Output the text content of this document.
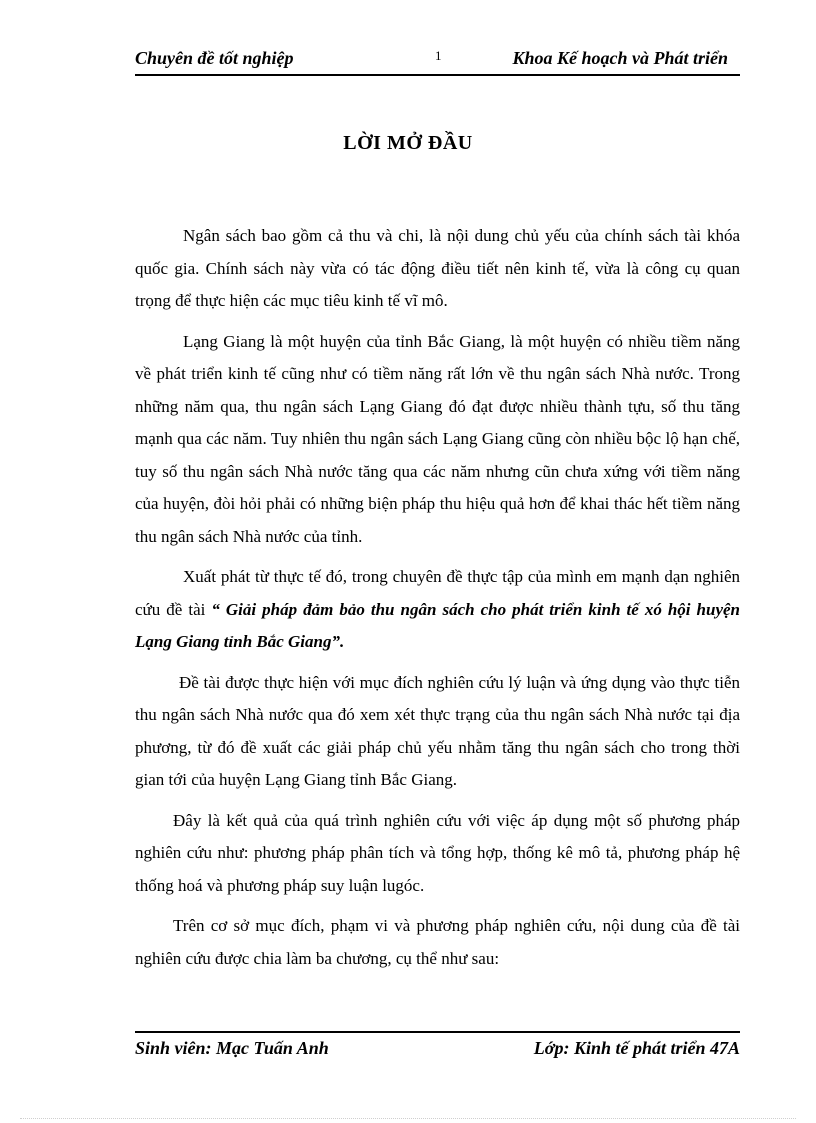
Chuyên đề tốt nghiệp	1	Khoa Kế hoạch và Phát triển
LỜI MỞ ĐẦU

Ngân sách bao gồm cả thu và chi, là nội dung chủ yếu của chính sách tài khóa quốc gia. Chính sách này vừa có tác động điều tiết nên kinh tế, vừa là công cụ quan trọng để thực hiện các mục tiêu kinh tế vĩ mô.

Lạng Giang là một huyện của tỉnh Bắc Giang, là một huyện có nhiều tiềm năng về phát triển kinh tế cũng như có tiềm năng rất lớn về thu ngân sách Nhà nước. Trong những năm qua, thu ngân sách Lạng Giang đó đạt được nhiều thành tựu, số thu tăng mạnh qua các năm. Tuy nhiên thu ngân sách Lạng Giang cũng còn nhiều bộc lộ hạn chế, tuy số thu ngân sách Nhà nước tăng qua các năm nhưng cũn chưa xứng với tiềm năng của huyện, đòi hỏi phải có những biện pháp thu hiệu quả hơn để khai thác hết tiềm năng thu ngân sách Nhà nước của tỉnh.

Xuất phát từ thực tế đó, trong chuyên đề thực tập của mình em mạnh dạn nghiên cứu đề tài “ Giải pháp đảm bảo thu ngân sách cho phát triển kinh tế xó hội huyện Lạng Giang tỉnh Bắc Giang”.

Đề tài được thực hiện với mục đích nghiên cứu lý luận và ứng dụng vào thực tiễn thu ngân sách Nhà nước qua đó xem xét thực trạng của thu ngân sách Nhà nước tại địa phương, từ đó đề xuất các giải pháp chủ yếu nhằm tăng thu ngân sách cho trong thời gian tới của huyện Lạng Giang tỉnh Bắc Giang.

Đây là kết quả của quá trình nghiên cứu với việc áp dụng một số phương pháp nghiên cứu như: phương pháp phân tích và tổng hợp, thống kê mô tả, phương pháp hệ thống hoá và phương pháp suy luận lugóc.

Trên cơ sở mục đích, phạm vi và phương pháp nghiên cứu, nội dung của đề tài nghiên cứu được chia làm ba chương, cụ thể như sau:

Sinh viên: Mạc Tuấn Anh	Lớp: Kinh tế phát triển 47A
